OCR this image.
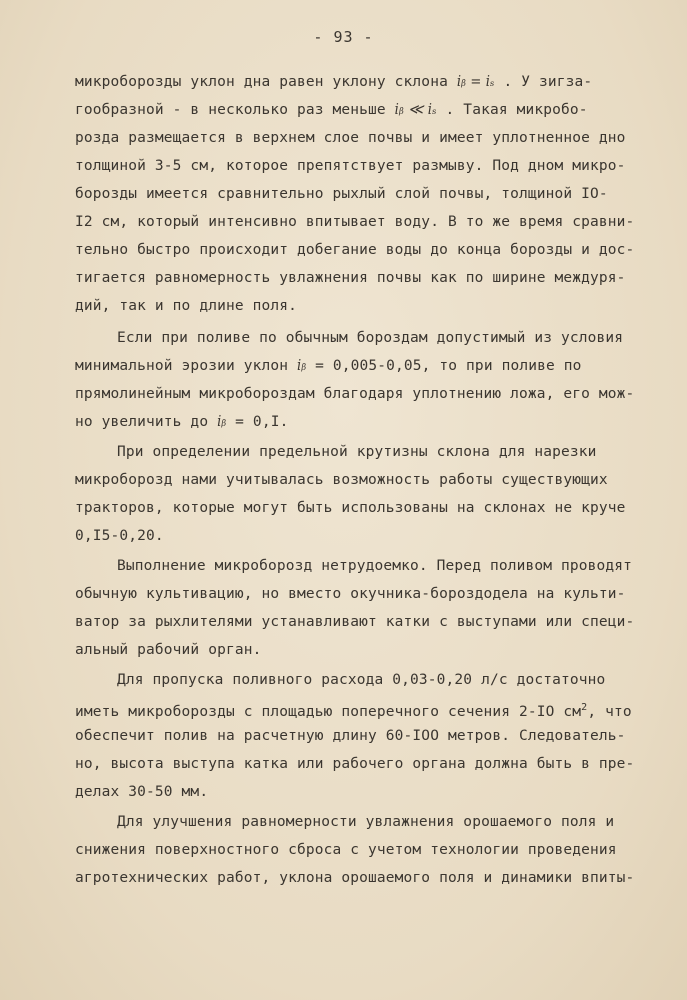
- 93 -
микроборозды уклон дна равен уклону склона iᵦ = iₛ . У зигза-
гообразной - в несколько раз меньше iᵦ ≪ iₛ . Такая микробо-
розда размещается в верхнем слое почвы и имеет уплотненное дно
толщиной 3-5 см, которое препятствует размыву. Под дном микро-
борозды имеется сравнительно рыхлый слой почвы, толщиной IO-
I2 см, который интенсивно впитывает воду. В то же время сравни-
тельно быстро происходит добегание воды до конца борозды и дос-
тигается равномерность увлажнения почвы как по ширине междуря-
дий, так и по длине поля.
Если при поливе по обычным бороздам допустимый из условия
минимальной эрозии уклон iᵦ = 0,005-0,05, то при поливе по
прямолинейным микробороздам благодаря уплотнению ложа, его мож-
но увеличить до iᵦ = 0,I.
При определении предельной крутизны склона для нарезки
микроборозд нами учитывалась возможность работы существующих
тракторов, которые могут быть использованы на склонах не круче
0,I5-0,20.
Выполнение микроборозд нетрудоемко. Перед поливом проводят
обычную культивацию, но вместо окучника-бороздодела на культи-
ватор за рыхлителями устанавливают катки с выступами или специ-
альный рабочий орган.
Для пропуска поливного расхода 0,03-0,20 л/с достаточно
иметь микроборозды с площадью поперечного сечения 2-IO $см^2$, что
обеспечит полив на расчетную длину 60-IOO метров. Следователь-
но, высота выступа катка или рабочего органа должна быть в пре-
делах 30-50 мм.
Для улучшения равномерности увлажнения орошаемого поля и
снижения поверхностного сброса с учетом технологии проведения
агротехнических работ, уклона орошаемого поля и динамики впиты-
